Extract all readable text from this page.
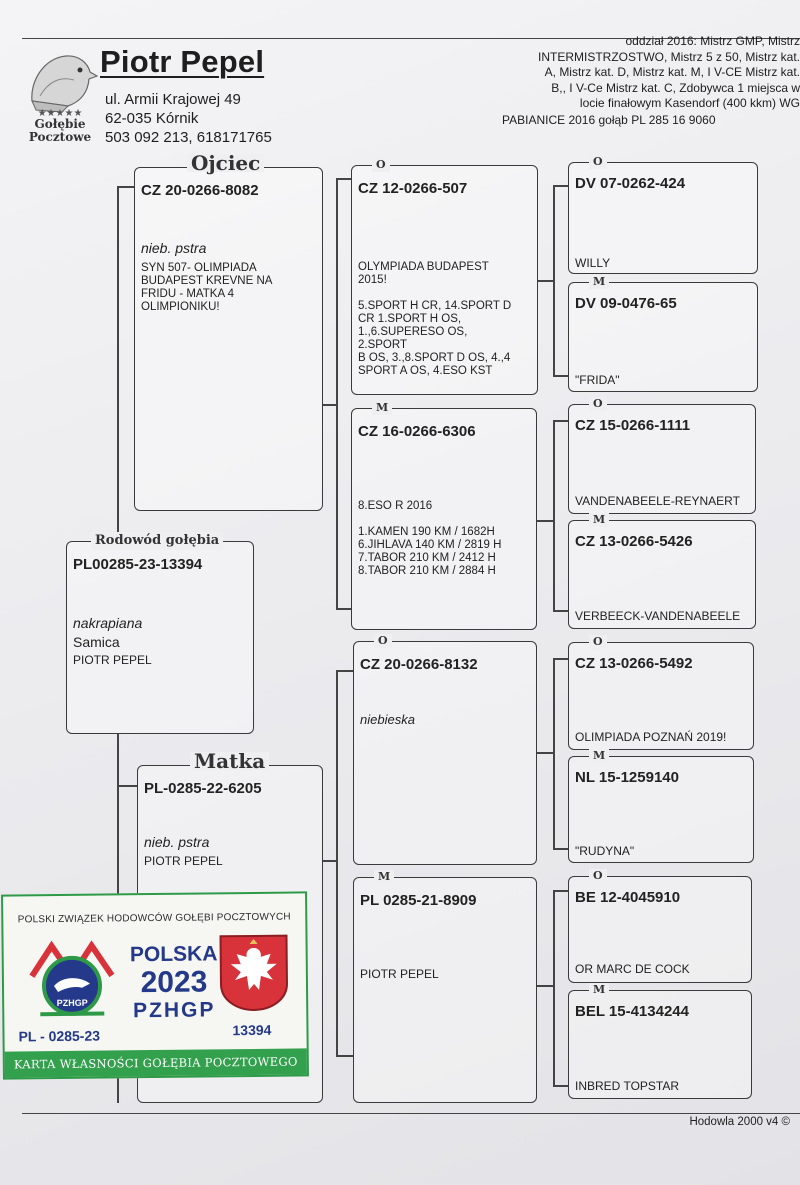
★★★★★
Gołębie
Pocztowe
Piotr Pepel
ul. Armii Krajowej 49
62-035 Kórnik
503 092 213, 618171765
oddział 2016: Mistrz GMP, Mistrz
INTERMISTRZOSTWO, Mistrz 5 z 50, Mistrz kat.
A, Mistrz kat. D, Mistrz kat. M, I V-CE Mistrz kat.
B,, I V-Ce Mistrz kat. C, Zdobywca 1 miejsca w
locie finałowym Kasendorf (400 kkm) WG
PABIANICE 2016 gołąb PL 285 16 9060
Ojciec
CZ 20-0266-8082
nieb. pstra
SYN 507- OLIMPIADA
BUDAPEST KREVNE NA
FRIDU - MATKA 4
OLIMPIONIKU!
Rodowód gołębia
PL00285-23-13394
nakrapiana
Samica
PIOTR PEPEL
Matka
PL-0285-22-6205
nieb. pstra
PIOTR PEPEL
O
CZ 12-0266-507
OLYMPIADA BUDAPEST
2015!

5.SPORT H CR, 14.SPORT D
CR 1.SPORT H OS,
1.,6.SUPERESO OS,
2.SPORT
B OS, 3.,8.SPORT D OS, 4.,4
SPORT A OS, 4.ESO KST
M
CZ 16-0266-6306
8.ESO R 2016

1.KAMEN 190 KM / 1682H
6.JIHLAVA 140 KM / 2819 H
7.TABOR 210 KM / 2412 H
8.TABOR 210 KM / 2884 H
O
CZ 20-0266-8132
niebieska
M
PL 0285-21-8909
PIOTR PEPEL
O
DV 07-0262-424
WILLY
M
DV 09-0476-65
"FRIDA"
O
CZ 15-0266-1111
VANDENABEELE-REYNAERT
M
CZ 13-0266-5426
VERBEECK-VANDENABEELE
O
CZ 13-0266-5492
OLIMPIADA POZNAŃ 2019!
M
NL 15-1259140
"RUDYNA"
O
BE 12-4045910
OR MARC DE COCK
M
BEL 15-4134244
INBRED TOPSTAR
POLSKI ZWIĄZEK HODOWCÓW GOŁĘBI POCZTOWYCH
PZHGP
POLSKA
2023
PZHGP
PL - 0285-23	13394
KARTA WŁASNOŚCI GOŁĘBIA POCZTOWEGO
Hodowla 2000 v4 ©
